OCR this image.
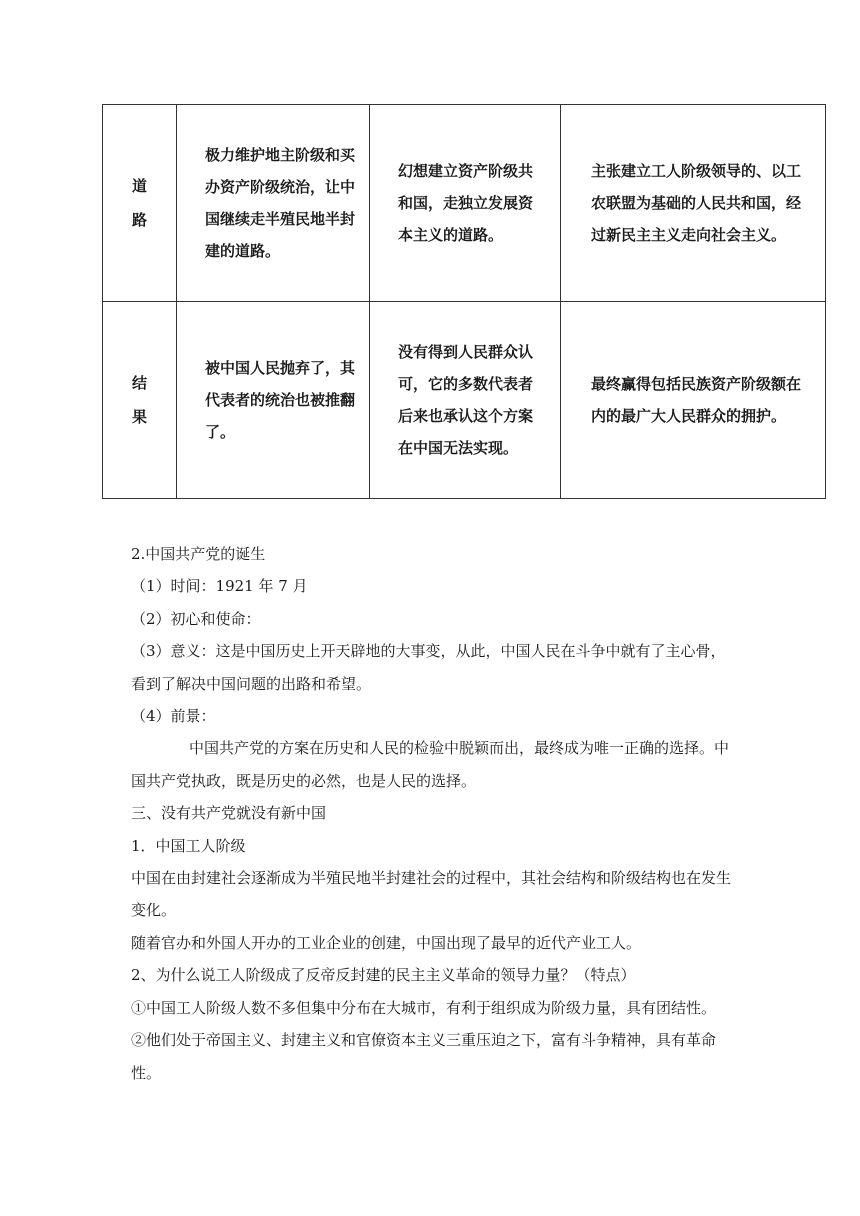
道路	极力维护地主阶级和买办资产阶级统治，让中国继续走半殖民地半封建的道路。	幻想建立资产阶级共和国，走独立发展资本主义的道路。	主张建立工人阶级领导的、以工农联盟为基础的人民共和国，经过新民主主义走向社会主义。

结果	被中国人民抛弃了，其代表者的统治也被推翻了。	没有得到人民群众认可，它的多数代表者后来也承认这个方案在中国无法实现。	最终赢得包括民族资产阶级额在内的最广大人民群众的拥护。

2.中国共产党的诞生

（1）时间：1921 年 7 月

（2）初心和使命：

（3）意义：这是中国历史上开天辟地的大事变，从此，中国人民在斗争中就有了主心骨，看到了解决中国问题的出路和希望。

（4）前景：

中国共产党的方案在历史和人民的检验中脱颖而出，最终成为唯一正确的选择。中国共产党执政，既是历史的必然，也是人民的选择。

三、没有共产党就没有新中国

1．中国工人阶级

中国在由封建社会逐渐成为半殖民地半封建社会的过程中，其社会结构和阶级结构也在发生变化。

随着官办和外国人开办的工业企业的创建，中国出现了最早的近代产业工人。

2、为什么说工人阶级成了反帝反封建的民主主义革命的领导力量？（特点）

①中国工人阶级人数不多但集中分布在大城市，有利于组织成为阶级力量，具有团结性。

②他们处于帝国主义、封建主义和官僚资本主义三重压迫之下，富有斗争精神，具有革命性。
